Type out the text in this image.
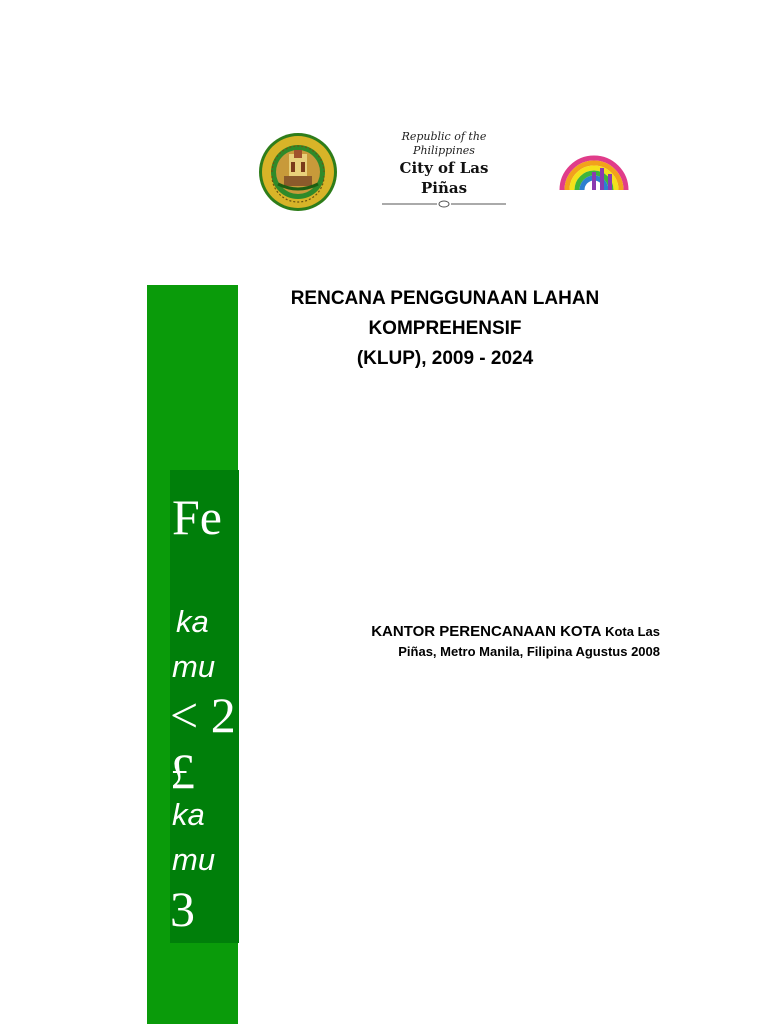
Republic of the Philippines
City of Las Piñas

Fe

ka

mu

< 2

£

ka

mu

3

RENCANA PENGGUNAAN LAHAN
KOMPREHENSIF
(KLUP), 2009 - 2024
KANTOR PERENCANAAN KOTA Kota Las
Piñas, Metro Manila, Filipina Agustus 2008
